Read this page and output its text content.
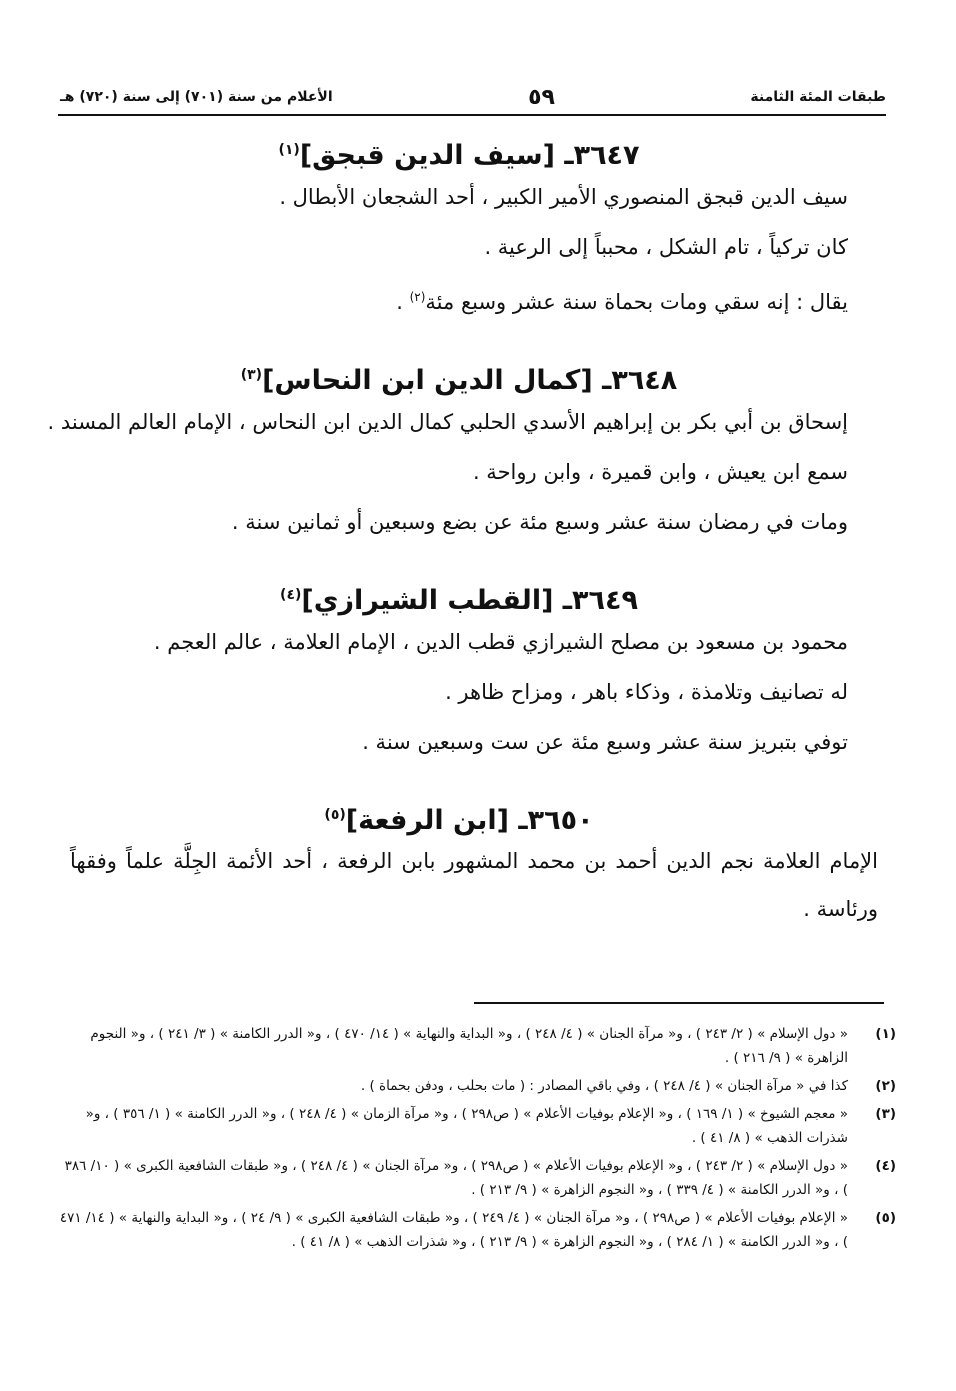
طبقات المئة الثامنة
٥٩
الأعلام من سنة (٧٠١) إلى سنة (٧٢٠) هـ
٣٦٤٧ـ [سيف الدين قبجق]$^{(١)}$

سيف الدين قبجق المنصوري الأمير الكبير ، أحد الشجعان الأبطال .

كان تركياً ، تام الشكل ، محبباً إلى الرعية .

يقال : إنه سقي ومات بحماة سنة عشر وسبع مئة$^{(٢)}$ .

٣٦٤٨ـ [كمال الدين ابن النحاس]$^{(٣)}$

إسحاق بن أبي بكر بن إبراهيم الأسدي الحلبي كمال الدين ابن النحاس ، الإمام العالم المسند .

سمع ابن يعيش ، وابن قميرة ، وابن رواحة .

ومات في رمضان سنة عشر وسبع مئة عن بضع وسبعين أو ثمانين سنة .

٣٦٤٩ـ [القطب الشيرازي]$^{(٤)}$

محمود بن مسعود بن مصلح الشيرازي قطب الدين ، الإمام العلامة ، عالم العجم .

له تصانيف وتلامذة ، وذكاء باهر ، ومزاح ظاهر .

توفي بتبريز سنة عشر وسبع مئة عن ست وسبعين سنة .

٣٦٥٠ـ [ابن الرفعة]$^{(٥)}$

الإمام العلامة نجم الدين أحمد بن محمد المشهور بابن الرفعة ، أحد الأئمة الجِلَّة علماً وفقهاً ورئاسة .

(١)
« دول الإسلام » ( ٢/ ٢٤٣ ) ، و« مرآة الجنان » ( ٤/ ٢٤٨ ) ، و« البداية والنهاية » ( ١٤/ ٤٧٠ ) ، و« الدرر الكامنة » ( ٣/ ٢٤١ ) ، و« النجوم الزاهرة » ( ٩/ ٢١٦ ) .
(٢)
كذا في « مرآة الجنان » ( ٤/ ٢٤٨ ) ، وفي باقي المصادر : ( مات بحلب ، ودفن بحماة ) .
(٣)
« معجم الشيوخ » ( ١/ ١٦٩ ) ، و« الإعلام بوفيات الأعلام » ( ص٢٩٨ ) ، و« مرآة الزمان » ( ٤/ ٢٤٨ ) ، و« الدرر الكامنة » ( ١/ ٣٥٦ ) ، و« شذرات الذهب » ( ٨/ ٤١ ) .
(٤)
« دول الإسلام » ( ٢/ ٢٤٣ ) ، و« الإعلام بوفيات الأعلام » ( ص٢٩٨ ) ، و« مرآة الجنان » ( ٤/ ٢٤٨ ) ، و« طبقات الشافعية الكبرى » ( ١٠/ ٣٨٦ ) ، و« الدرر الكامنة » ( ٤/ ٣٣٩ ) ، و« النجوم الزاهرة » ( ٩/ ٢١٣ ) .
(٥)
« الإعلام بوفيات الأعلام » ( ص٢٩٨ ) ، و« مرآة الجنان » ( ٤/ ٢٤٩ ) ، و« طبقات الشافعية الكبرى » ( ٩/ ٢٤ ) ، و« البداية والنهاية » ( ١٤/ ٤٧١ ) ، و« الدرر الكامنة » ( ١/ ٢٨٤ ) ، و« النجوم الزاهرة » ( ٩/ ٢١٣ ) ، و« شذرات الذهب » ( ٨/ ٤١ ) .
